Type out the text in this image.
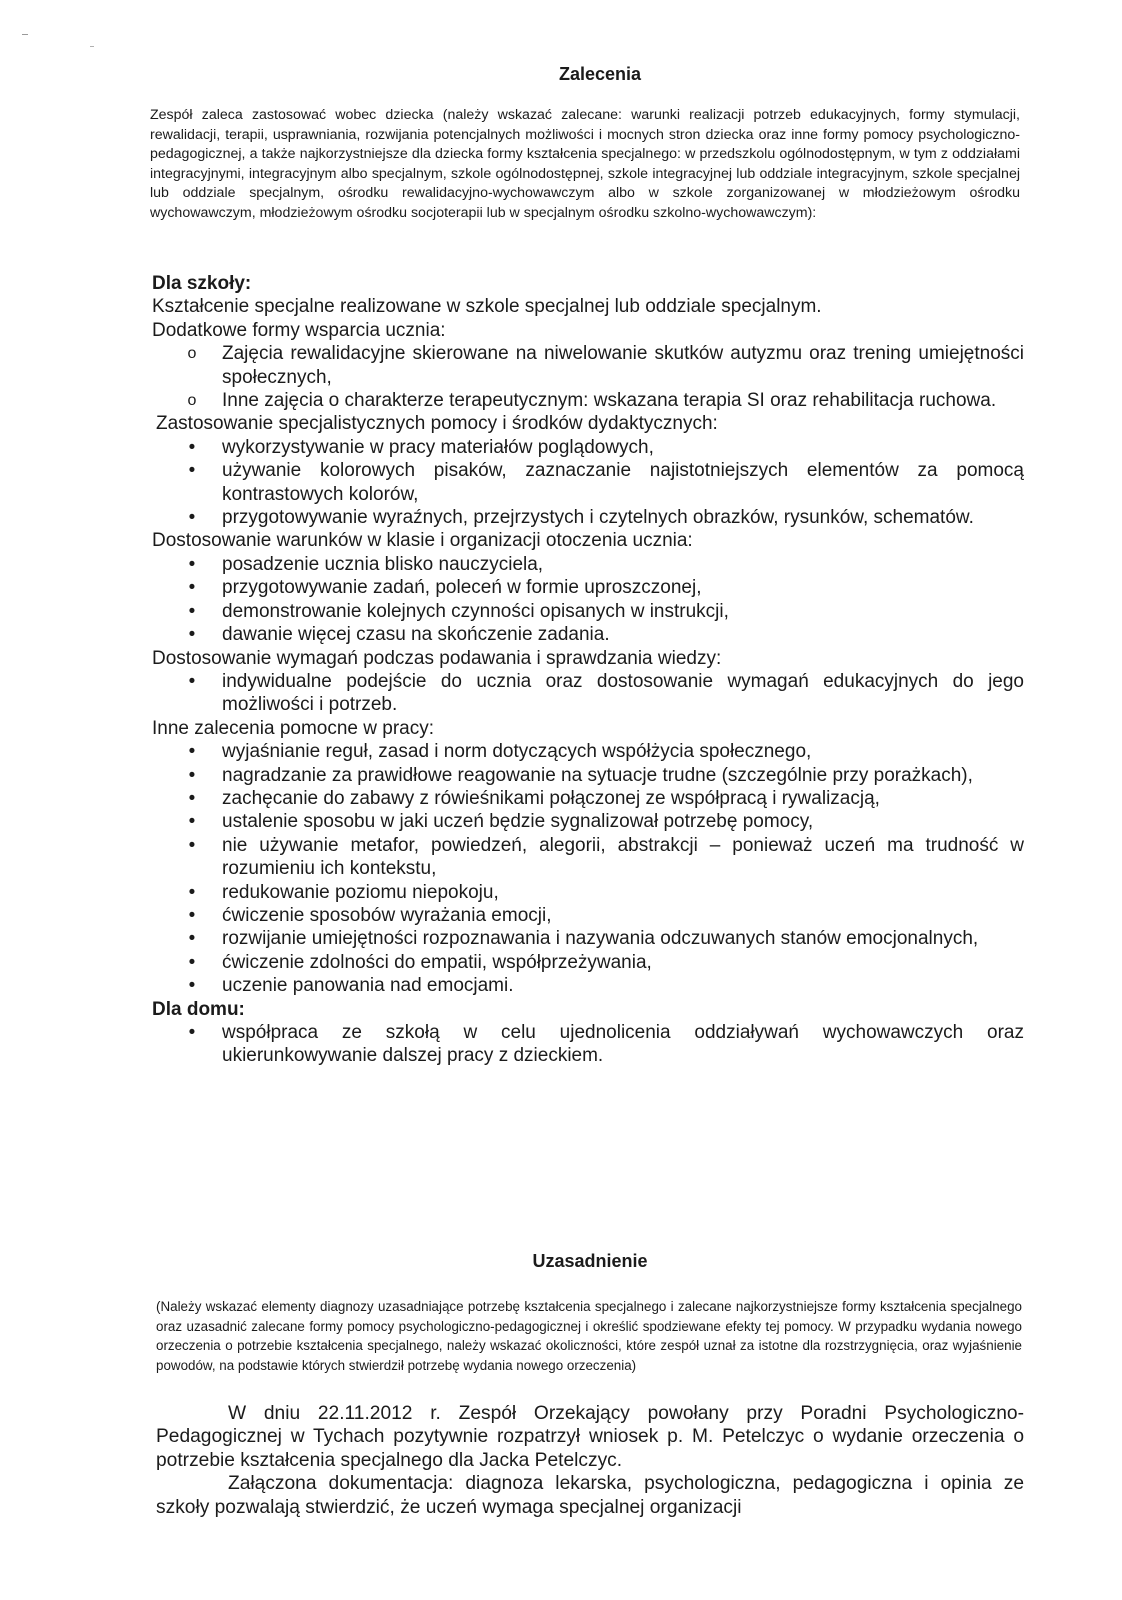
Zalecenia
Zespół zaleca zastosować wobec dziecka (należy wskazać zalecane: warunki realizacji potrzeb edukacyjnych, formy stymulacji, rewalidacji, terapii, usprawniania, rozwijania potencjalnych możliwości i mocnych stron dziecka oraz inne formy pomocy psychologiczno-pedagogicznej, a także najkorzystniejsze dla dziecka formy kształcenia specjalnego: w przedszkolu ogólnodostępnym, w tym z oddziałami integracyjnymi, integracyjnym albo specjalnym, szkole ogólnodostępnej, szkole integracyjnej lub oddziale integracyjnym, szkole specjalnej lub oddziale specjalnym, ośrodku rewalidacyjno-wychowawczym albo w szkole zorganizowanej w młodzieżowym ośrodku wychowawczym, młodzieżowym ośrodku socjoterapii lub w specjalnym ośrodku szkolno-wychowawczym):
Dla szkoły:

Kształcenie specjalne realizowane w szkole specjalnej lub oddziale specjalnym.

Dodatkowe formy wsparcia ucznia:

o Zajęcia rewalidacyjne skierowane na niwelowanie skutków autyzmu oraz trening umiejętności społecznych,
o Inne zajęcia o charakterze terapeutycznym: wskazana terapia SI oraz rehabilitacja ruchowa.

Zastosowanie specjalistycznych pomocy i środków dydaktycznych:

•	wykorzystywanie w pracy materiałów poglądowych,
•	używanie kolorowych pisaków, zaznaczanie najistotniejszych elementów za pomocą kontrastowych kolorów,
•	przygotowywanie wyraźnych, przejrzystych i czytelnych obrazków, rysunków, schematów.

Dostosowanie warunków w klasie i organizacji otoczenia ucznia:

•	posadzenie ucznia blisko nauczyciela,
•	przygotowywanie zadań, poleceń w formie uproszczonej,
•	demonstrowanie kolejnych czynności opisanych w instrukcji,
•	dawanie więcej czasu na skończenie zadania.

Dostosowanie wymagań podczas podawania i sprawdzania wiedzy:

•	indywidualne podejście do ucznia oraz dostosowanie wymagań edukacyjnych do jego możliwości i potrzeb.

Inne zalecenia pomocne w pracy:

•	wyjaśnianie reguł, zasad i norm dotyczących współżycia społecznego,
•	nagradzanie za prawidłowe reagowanie na sytuacje trudne (szczególnie przy porażkach),
•	zachęcanie do zabawy z rówieśnikami połączonej ze współpracą i rywalizacją,
•	ustalenie sposobu w jaki uczeń będzie sygnalizował potrzebę pomocy,
•	nie używanie metafor, powiedzeń, alegorii, abstrakcji – ponieważ uczeń ma trudność w rozumieniu ich kontekstu,
•	redukowanie poziomu niepokoju,
•	ćwiczenie sposobów wyrażania emocji,
•	rozwijanie umiejętności rozpoznawania i nazywania odczuwanych stanów emocjonalnych,
•	ćwiczenie zdolności do empatii, współprzeżywania,
•	uczenie panowania nad emocjami.
Dla domu:
•	współpraca ze szkołą w celu ujednolicenia oddziaływań wychowawczych oraz ukierunkowywanie dalszej pracy z dzieckiem.
Uzasadnienie
(Należy wskazać elementy diagnozy uzasadniające potrzebę kształcenia specjalnego i zalecane najkorzystniejsze formy kształcenia specjalnego oraz uzasadnić zalecane formy pomocy psychologiczno-pedagogicznej i określić spodziewane efekty tej pomocy. W przypadku wydania nowego orzeczenia o potrzebie kształcenia specjalnego, należy wskazać okoliczności, które zespół uznał za istotne dla rozstrzygnięcia, oraz wyjaśnienie powodów, na podstawie których stwierdził potrzebę wydania nowego orzeczenia)

W dniu 22.11.2012 r. Zespół Orzekający powołany przy Poradni Psychologiczno-Pedagogicznej w Tychach pozytywnie rozpatrzył wniosek p. M. Petelczyc o wydanie orzeczenia o potrzebie kształcenia specjalnego dla Jacka Petelczyc.

Załączona dokumentacja: diagnoza lekarska, psychologiczna, pedagogiczna i opinia ze szkoły pozwalają stwierdzić, że uczeń wymaga specjalnej organizacji
